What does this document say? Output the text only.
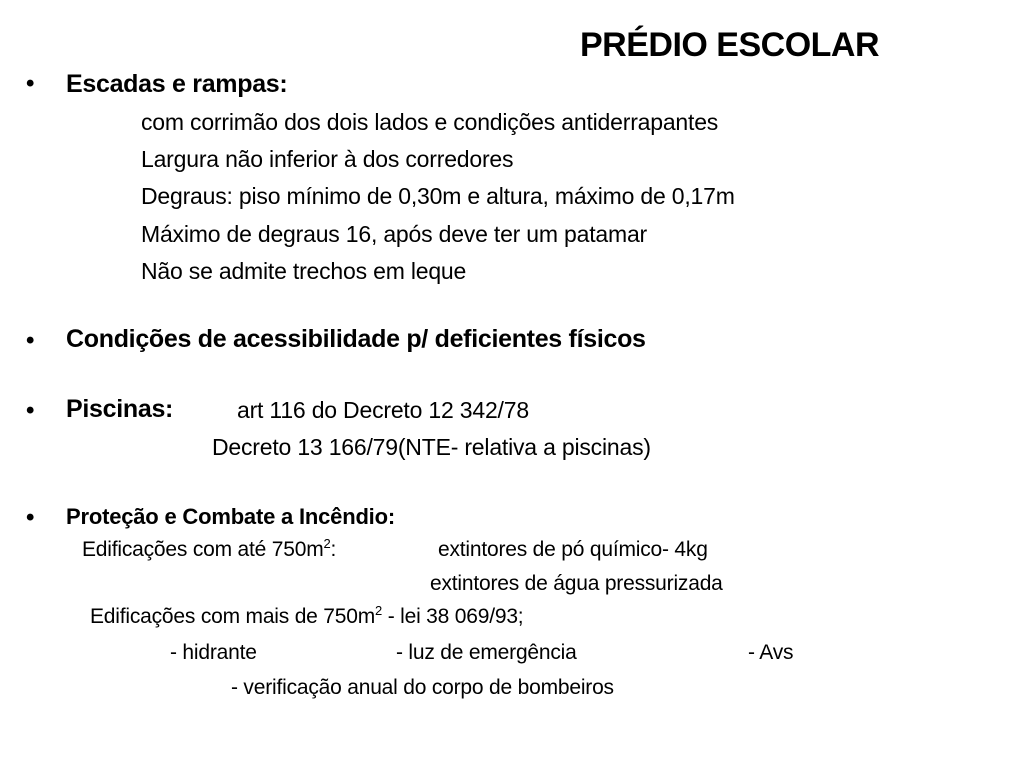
PRÉDIO ESCOLAR
• Escadas e rampas:
com corrimão dos dois lados e condições antiderrapantes
Largura não inferior à dos corredores
Degraus: piso mínimo de 0,30m e altura, máximo de 0,17m
Máximo de degraus 16, após deve ter um patamar
Não se admite trechos em leque
• Condições de acessibilidade p/ deficientes físicos
• Piscinas:	art 116 do Decreto 12 342/78
Decreto 13 166/79(NTE- relativa a piscinas)
• Proteção e Combate a Incêndio:
Edificações com até $750m^2$:	extintores de pó químico- 4kg
extintores de água pressurizada
Edificações com mais de $750m^2$ - lei 38 069/93;
- hidrante	- luz de emergência	- Avs
- verificação anual do corpo de bombeiros
